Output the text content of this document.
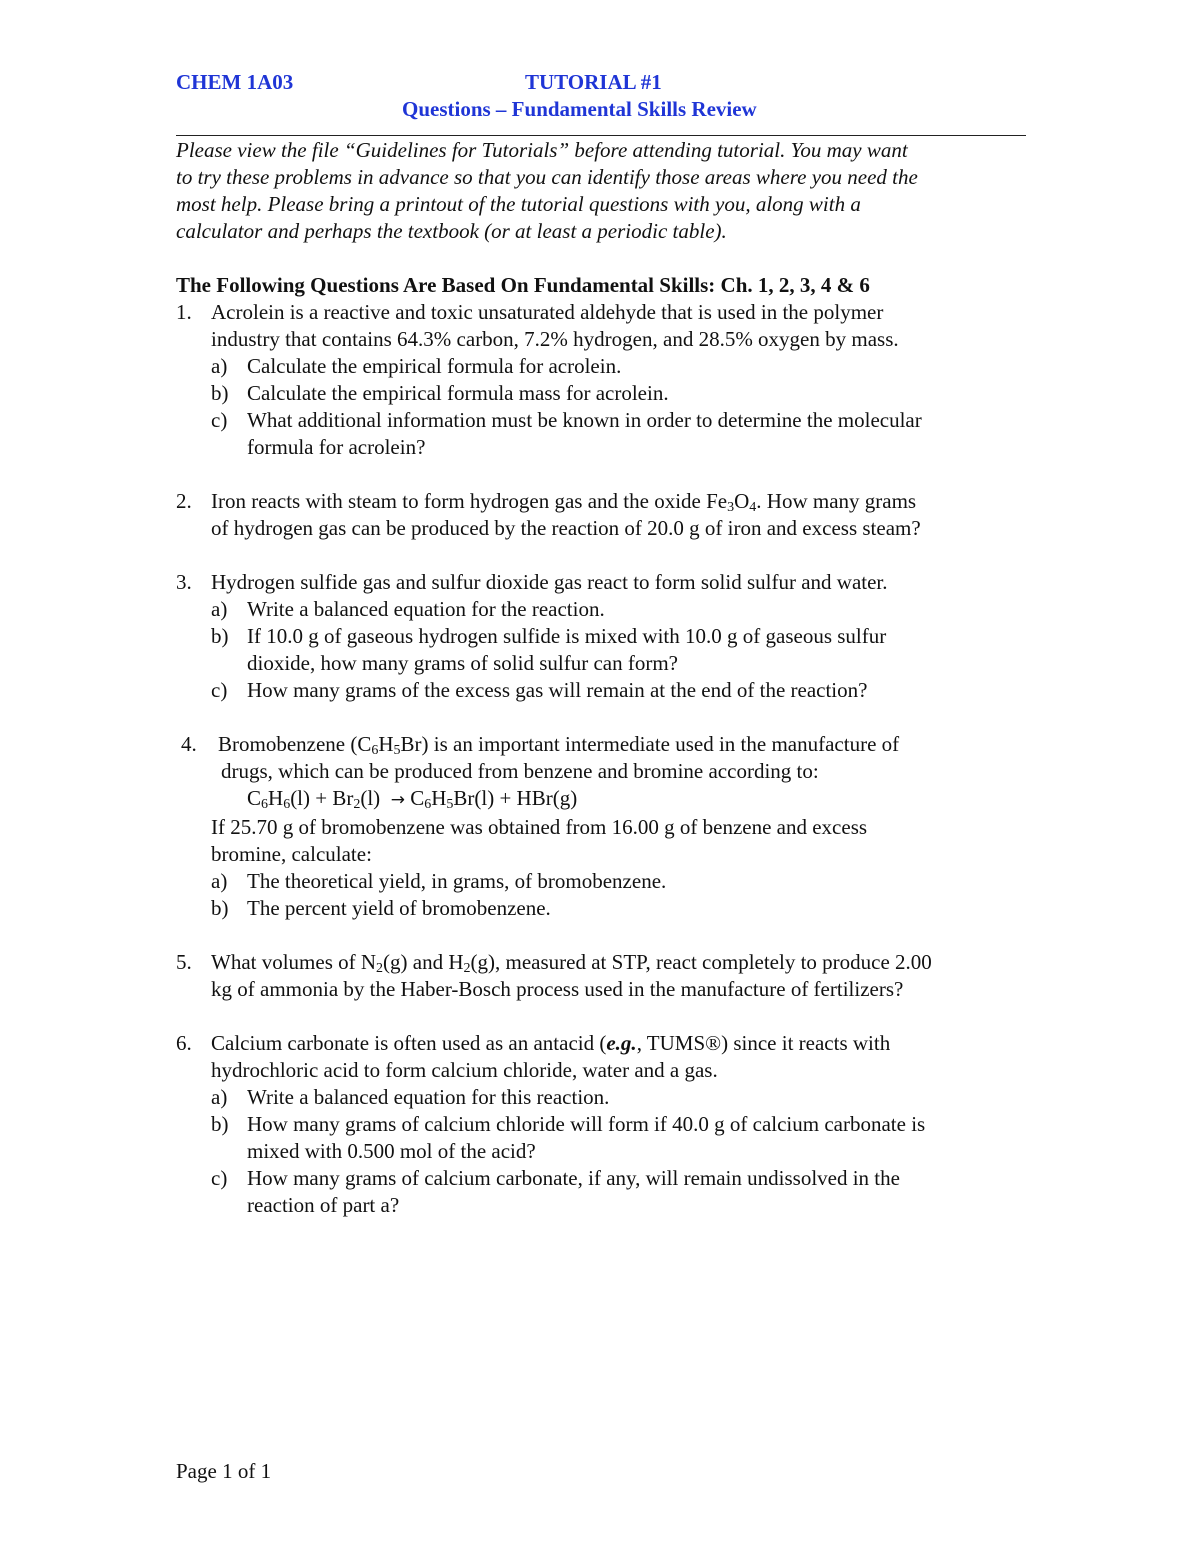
CHEM 1A03	TUTORIAL #1
Questions – Fundamental Skills Review
Please view the file “Guidelines for Tutorials” before attending tutorial. You may want
to try these problems in advance so that you can identify those areas where you need the
most help. Please bring a printout of the tutorial questions with you, along with a
calculator and perhaps the textbook (or at least a periodic table).
The Following Questions Are Based On Fundamental Skills: Ch. 1, 2, 3, 4 & 6
1. Acrolein is a reactive and toxic unsaturated aldehyde that is used in the polymer
industry that contains 64.3% carbon, 7.2% hydrogen, and 28.5% oxygen by mass.
a) Calculate the empirical formula for acrolein.
b) Calculate the empirical formula mass for acrolein.
c) What additional information must be known in order to determine the molecular
formula for acrolein?
2. Iron reacts with steam to form hydrogen gas and the oxide $Fe_3O_4$. How many grams
of hydrogen gas can be produced by the reaction of 20.0 g of iron and excess steam?
3. Hydrogen sulfide gas and sulfur dioxide gas react to form solid sulfur and water.
a) Write a balanced equation for the reaction.
b) If 10.0 g of gaseous hydrogen sulfide is mixed with 10.0 g of gaseous sulfur
dioxide, how many grams of solid sulfur can form?
c) How many grams of the excess gas will remain at the end of the reaction?
4. Bromobenzene $(C_6H_5Br)$ is an important intermediate used in the manufacture of
drugs, which can be produced from benzene and bromine according to:
$C_6H_6(l) + Br_2(l) \to C_6H_5Br(l) + HBr(g)$
If 25.70 g of bromobenzene was obtained from 16.00 g of benzene and excess
bromine, calculate:
a) The theoretical yield, in grams, of bromobenzene.
b) The percent yield of bromobenzene.
5. What volumes of $N_2(g)$ and $H_2(g)$, measured at STP, react completely to produce 2.00
kg of ammonia by the Haber-Bosch process used in the manufacture of fertilizers?
6. Calcium carbonate is often used as an antacid (e.g., TUMS®) since it reacts with
hydrochloric acid to form calcium chloride, water and a gas.
a) Write a balanced equation for this reaction.
b) How many grams of calcium chloride will form if 40.0 g of calcium carbonate is
mixed with 0.500 mol of the acid?
c) How many grams of calcium carbonate, if any, will remain undissolved in the
reaction of part a?
Page 1 of 1
